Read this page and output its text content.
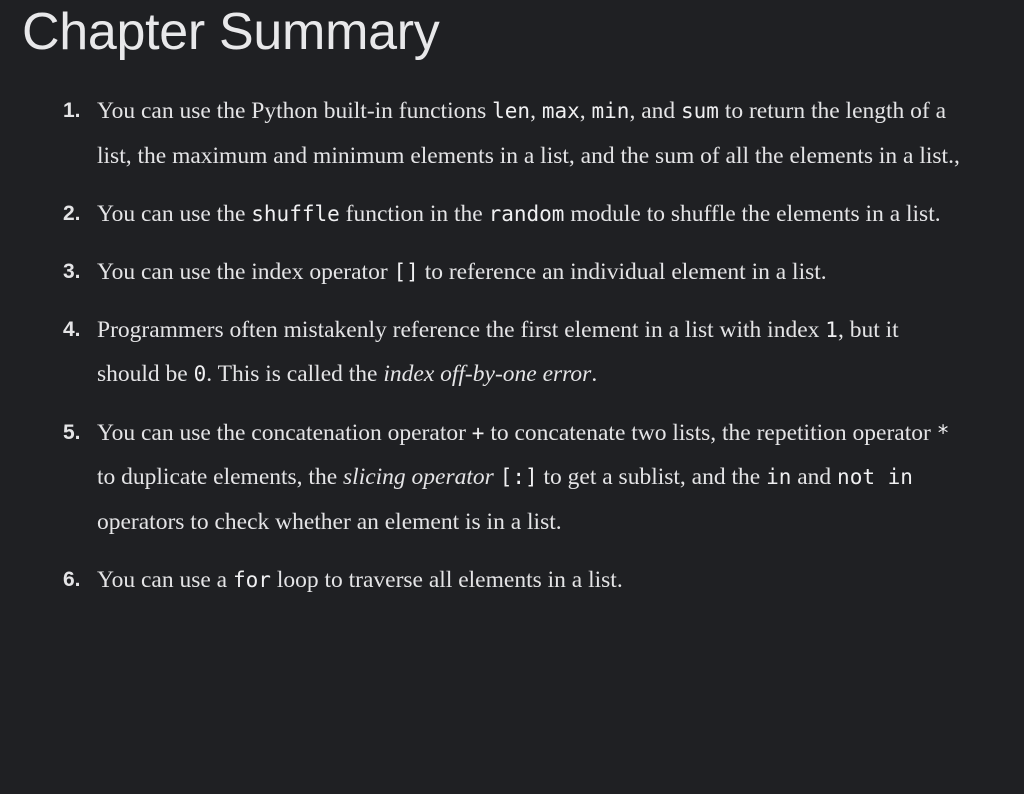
Chapter Summary
1. You can use the Python built-in functions len, max, min, and sum to return the length of a list, the maximum and minimum elements in a list, and the sum of all the elements in a list.,
2. You can use the shuffle function in the random module to shuffle the elements in a list.
3. You can use the index operator [] to reference an individual element in a list.
4. Programmers often mistakenly reference the first element in a list with index 1, but it should be 0. This is called the index off-by-one error.
5. You can use the concatenation operator + to concatenate two lists, the repetition operator * to duplicate elements, the slicing operator [:] to get a sublist, and the in and not in operators to check whether an element is in a list.
6. You can use a for loop to traverse all elements in a list.
